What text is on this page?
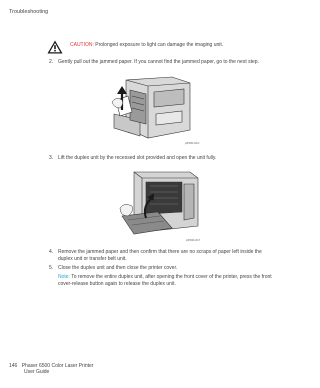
Troubleshooting
CAUTION: Prolonged exposure to light can damage the imaging unit.
2. Gently pull out the jammed paper. If you cannot find the jammed paper, go to the next step.
p6500-010
3. Lift the duplex unit by the recessed slot provided and open the unit fully.
p6500-017
4. Remove the jammed paper and then confirm that there are no scraps of paper left inside the
duplex unit or transfer belt unit.
5. Close the duplex unit and then close the printer cover.
Note: To remove the entire duplex unit, after opening the front cover of the printer, press the front
cover-release button again to release the duplex unit.
146 Phaser 6500 Color Laser Printer
User Guide
